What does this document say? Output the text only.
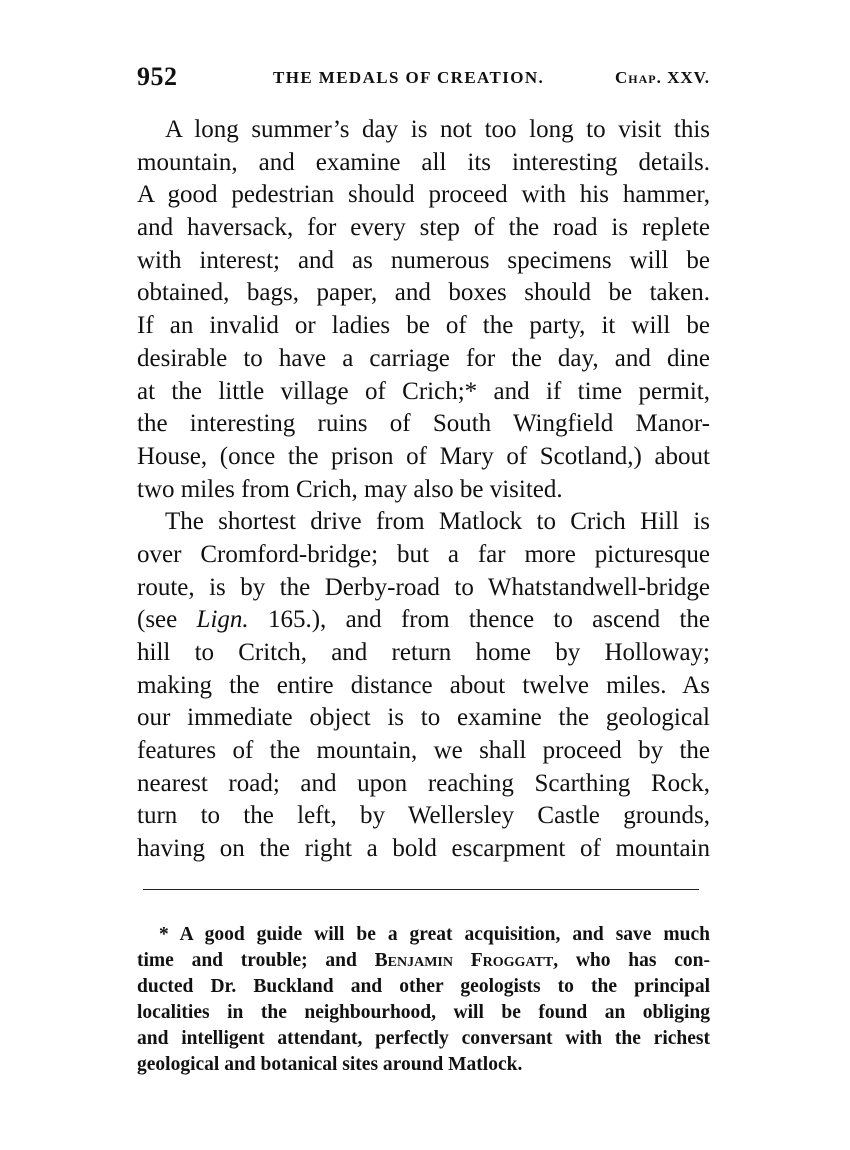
952	THE MEDALS OF CREATION.	Chap. XXV.
A long summer’s day is not too long to visit this
mountain, and examine all its interesting details.
A good pedestrian should proceed with his hammer,
and haversack, for every step of the road is replete
with interest; and as numerous specimens will be
obtained, bags, paper, and boxes should be taken.
If an invalid or ladies be of the party, it will be
desirable to have a carriage for the day, and dine
at the little village of Crich;* and if time permit,
the interesting ruins of South Wingfield Manor-
House, (once the prison of Mary of Scotland,) about
two miles from Crich, may also be visited.
The shortest drive from Matlock to Crich Hill is
over Cromford-bridge; but a far more picturesque
route, is by the Derby-road to Whatstandwell-bridge
(see Lign. 165.), and from thence to ascend the
hill to Critch, and return home by Holloway;
making the entire distance about twelve miles. As
our immediate object is to examine the geological
features of the mountain, we shall proceed by the
nearest road; and upon reaching Scarthing Rock,
turn to the left, by Wellersley Castle grounds,
having on the right a bold escarpment of mountain
* A good guide will be a great acquisition, and save much
time and trouble; and Benjamin Froggatt, who has con-
ducted Dr. Buckland and other geologists to the principal
localities in the neighbourhood, will be found an obliging
and intelligent attendant, perfectly conversant with the richest
geological and botanical sites around Matlock.
